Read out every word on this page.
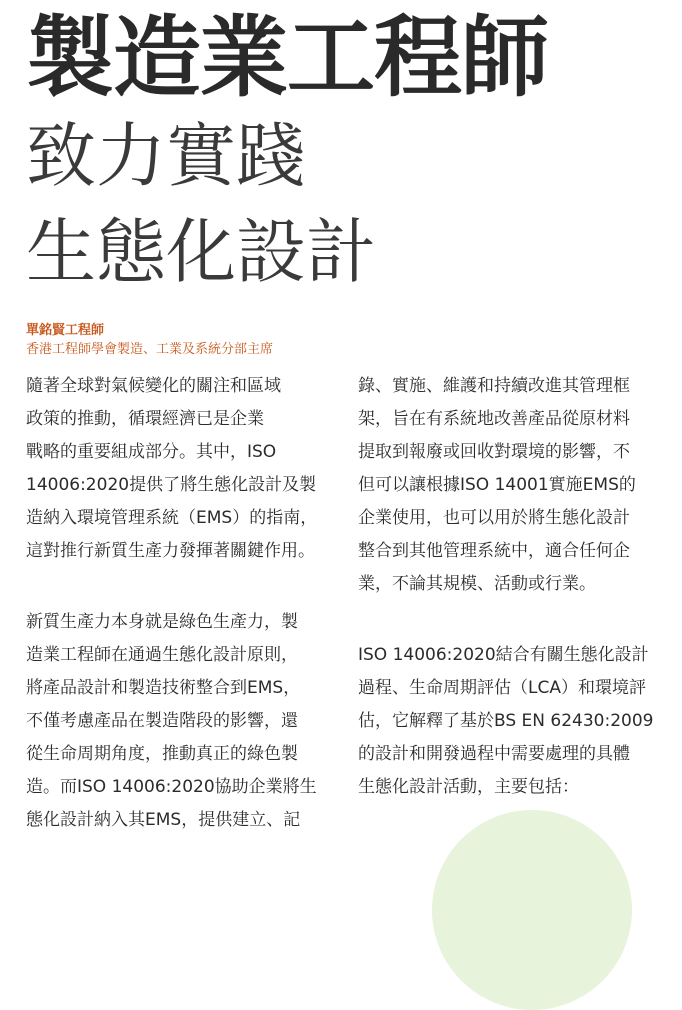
製造業工程師
致力實踐
生態化設計
單銘賢工程師
香港工程師學會製造、工業及系統分部主席
隨著全球對氣候變化的關注和區域
政策的推動，循環經濟已是企業
戰略的重要組成部分。其中，ISO
14006:2020提供了將生態化設計及製
造納入環境管理系統（EMS）的指南，
這對推行新質生產力發揮著關鍵作用。
新質生產力本身就是綠色生產力，製
造業工程師在通過生態化設計原則，
將產品設計和製造技術整合到EMS，
不僅考慮產品在製造階段的影響，還
從生命周期角度，推動真正的綠色製
造。而ISO 14006:2020協助企業將生
態化設計納入其EMS，提供建立、記
錄、實施、維護和持續改進其管理框
架，旨在有系統地改善產品從原材料
提取到報廢或回收對環境的影響，不
但可以讓根據ISO 14001實施EMS的
企業使用，也可以用於將生態化設計
整合到其他管理系統中，適合任何企
業，不論其規模、活動或行業。
ISO 14006:2020結合有關生態化設計
過程、生命周期評估（LCA）和環境評
估，它解釋了基於BS EN 62430:2009
的設計和開發過程中需要處理的具體
生態化設計活動，主要包括：
